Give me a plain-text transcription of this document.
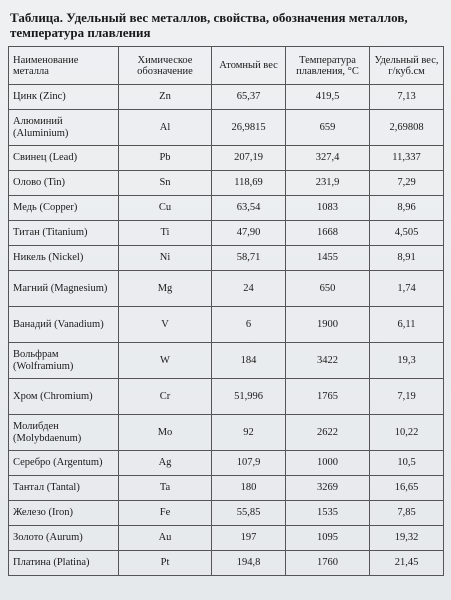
Таблица. Удельный вес металлов, свойства, обозначения металлов, температура плавления
Наименование металла	Химическое обозначение	Атомный вес	Температура плавления, °С	Удельный вес, г/куб.см
Цинк (Zinc)	Zn	65,37	419,5	7,13
Алюминий (Aluminium)	Al	26,9815	659	2,69808
Свинец (Lead)	Pb	207,19	327,4	11,337
Олово (Tin)	Sn	118,69	231,9	7,29
Медь (Copper)	Cu	63,54	1083	8,96
Титан (Titanium)	Ti	47,90	1668	4,505
Никель (Nickel)	Ni	58,71	1455	8,91
Магний (Magnesium)	Mg	24	650	1,74
Ванадий (Vanadium)	V	6	1900	6,11
Вольфрам (Wolframium)	W	184	3422	19,3
Хром (Chromium)	Cr	51,996	1765	7,19
Молибден (Molybdaenum)	Mo	92	2622	10,22
Серебро (Argentum)	Ag	107,9	1000	10,5
Тантал (Tantal)	Ta	180	3269	16,65
Железо (Iron)	Fe	55,85	1535	7,85
Золото (Aurum)	Au	197	1095	19,32
Платина (Platina)	Pt	194,8	1760	21,45
